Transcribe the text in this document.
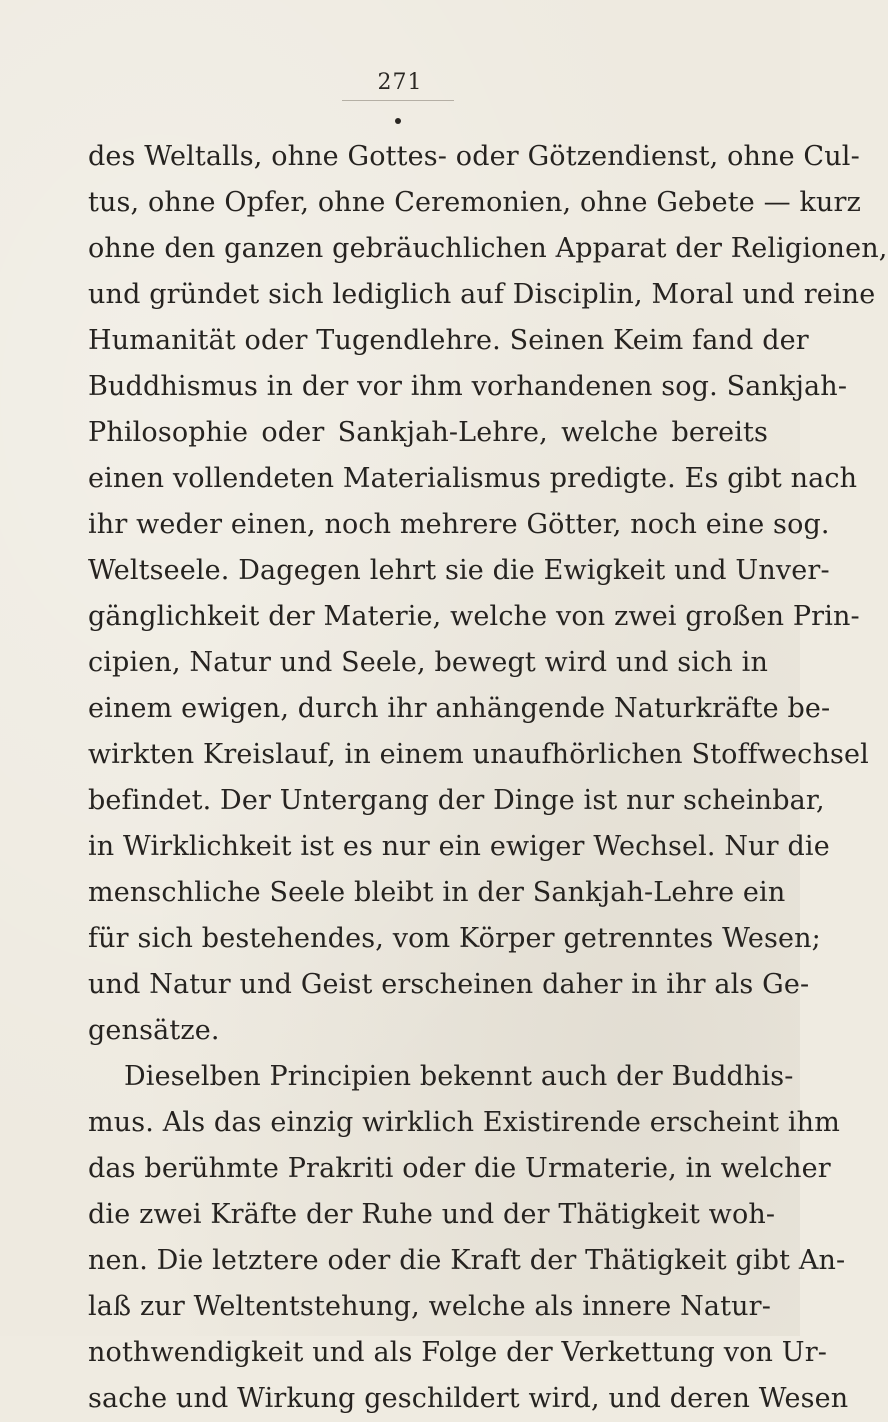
271
des Weltalls, ohne Gottes- oder Götzendienst, ohne Cul-
tus, ohne Opfer, ohne Ceremonien, ohne Gebete — kurz
ohne den ganzen gebräuchlichen Apparat der Religionen,
und gründet sich lediglich auf Disciplin, Moral und reine
Humanität oder Tugendlehre. Seinen Keim fand der
Buddhismus in der vor ihm vorhandenen sog. Sankjah-
Philosophie oder Sankjah-Lehre, welche bereits
einen vollendeten Materialismus predigte. Es gibt nach
ihr weder einen, noch mehrere Götter, noch eine sog.
Weltseele. Dagegen lehrt sie die Ewigkeit und Unver-
gänglichkeit der Materie, welche von zwei großen Prin-
cipien, Natur und Seele, bewegt wird und sich in
einem ewigen, durch ihr anhängende Naturkräfte be-
wirkten Kreislauf, in einem unaufhörlichen Stoffwechsel
befindet. Der Untergang der Dinge ist nur scheinbar,
in Wirklichkeit ist es nur ein ewiger Wechsel. Nur die
menschliche Seele bleibt in der Sankjah-Lehre ein
für sich bestehendes, vom Körper getrenntes Wesen;
und Natur und Geist erscheinen daher in ihr als Ge-
gensätze.
Dieselben Principien bekennt auch der Buddhis-
mus. Als das einzig wirklich Existirende erscheint ihm
das berühmte Prakriti oder die Urmaterie, in welcher
die zwei Kräfte der Ruhe und der Thätigkeit woh-
nen. Die letztere oder die Kraft der Thätigkeit gibt An-
laß zur Weltentstehung, welche als innere Natur-
nothwendigkeit und als Folge der Verkettung von Ur-
sache und Wirkung geschildert wird, und deren Wesen
